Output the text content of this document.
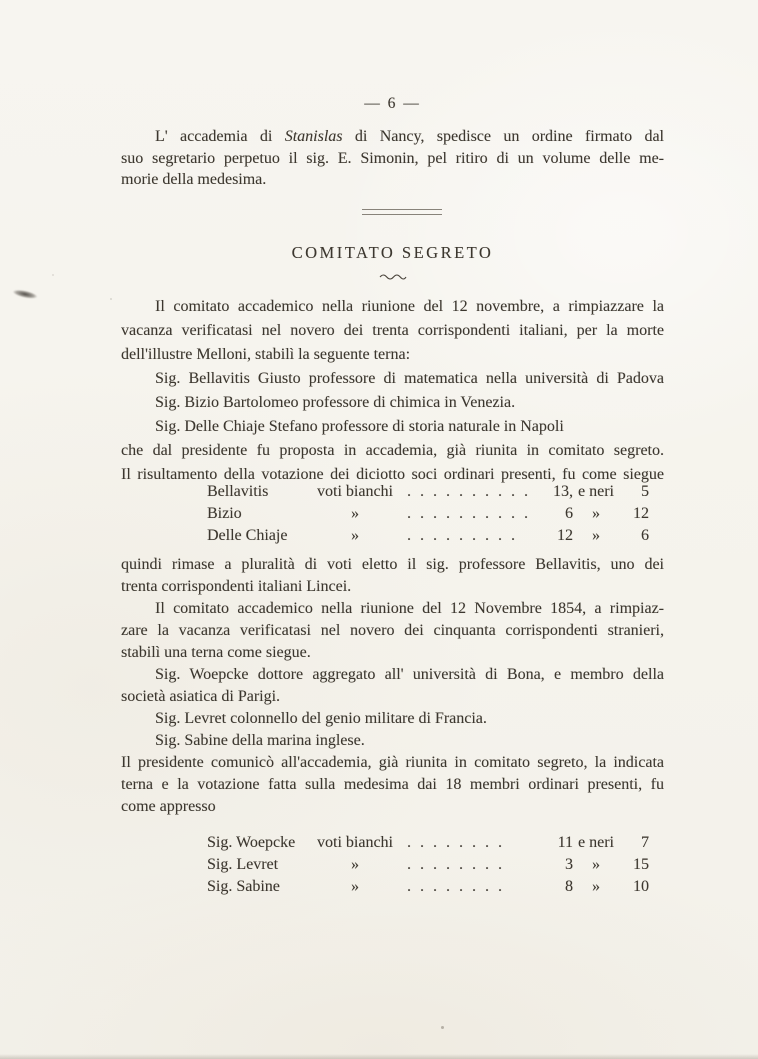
— 6 —
L' accademia di Stanislas di Nancy, spedisce un ordine firmato dal
suo segretario perpetuo il sig. E. Simonin, pel ritiro di un volume delle me-
morie della medesima.
COMITATO SEGRETO
Il comitato accademico nella riunione del 12 novembre, a rimpiazzare la
vacanza verificatasi nel novero dei trenta corrispondenti italiani, per la morte
dell'illustre Melloni, stabilì la seguente terna:
Sig. Bellavitis Giusto professore di matematica nella università di Padova
Sig. Bizio Bartolomeo professore di chimica in Venezia.
Sig. Delle Chiaje Stefano professore di storia naturale in Napoli
che dal presidente fu proposta in accademia, già riunita in comitato segreto.
Il risultamento della votazione dei diciotto soci ordinari presenti, fu come siegue
Bellavitis	voti bianchi . . . . . . . . . .	13, e neri	5
Bizio	»	. . . . . . . . . .	6	»	12
Delle Chiaje	»	. . . . . . . . .	12	»	6
quindi rimase a pluralità di voti eletto il sig. professore Bellavitis, uno dei
trenta corrispondenti italiani Lincei.
Il comitato accademico nella riunione del 12 Novembre 1854, a rimpiaz-
zare la vacanza verificatasi nel novero dei cinquanta corrispondenti stranieri,
stabilì una terna come siegue.
Sig. Woepcke dottore aggregato all' università di Bona, e membro della
società asiatica di Parigi.
Sig. Levret colonnello del genio militare di Francia.
Sig. Sabine della marina inglese.
Il presidente comunicò all'accademia, già riunita in comitato segreto, la indicata
terna e la votazione fatta sulla medesima dai 18 membri ordinari presenti, fu
come appresso
Sig. Woepcke	voti bianchi . . . . . . . .	11 e neri	7
Sig. Levret	»	. . . . . . . .	3	»	15
Sig. Sabine	»	. . . . . . . .	8	»	10
